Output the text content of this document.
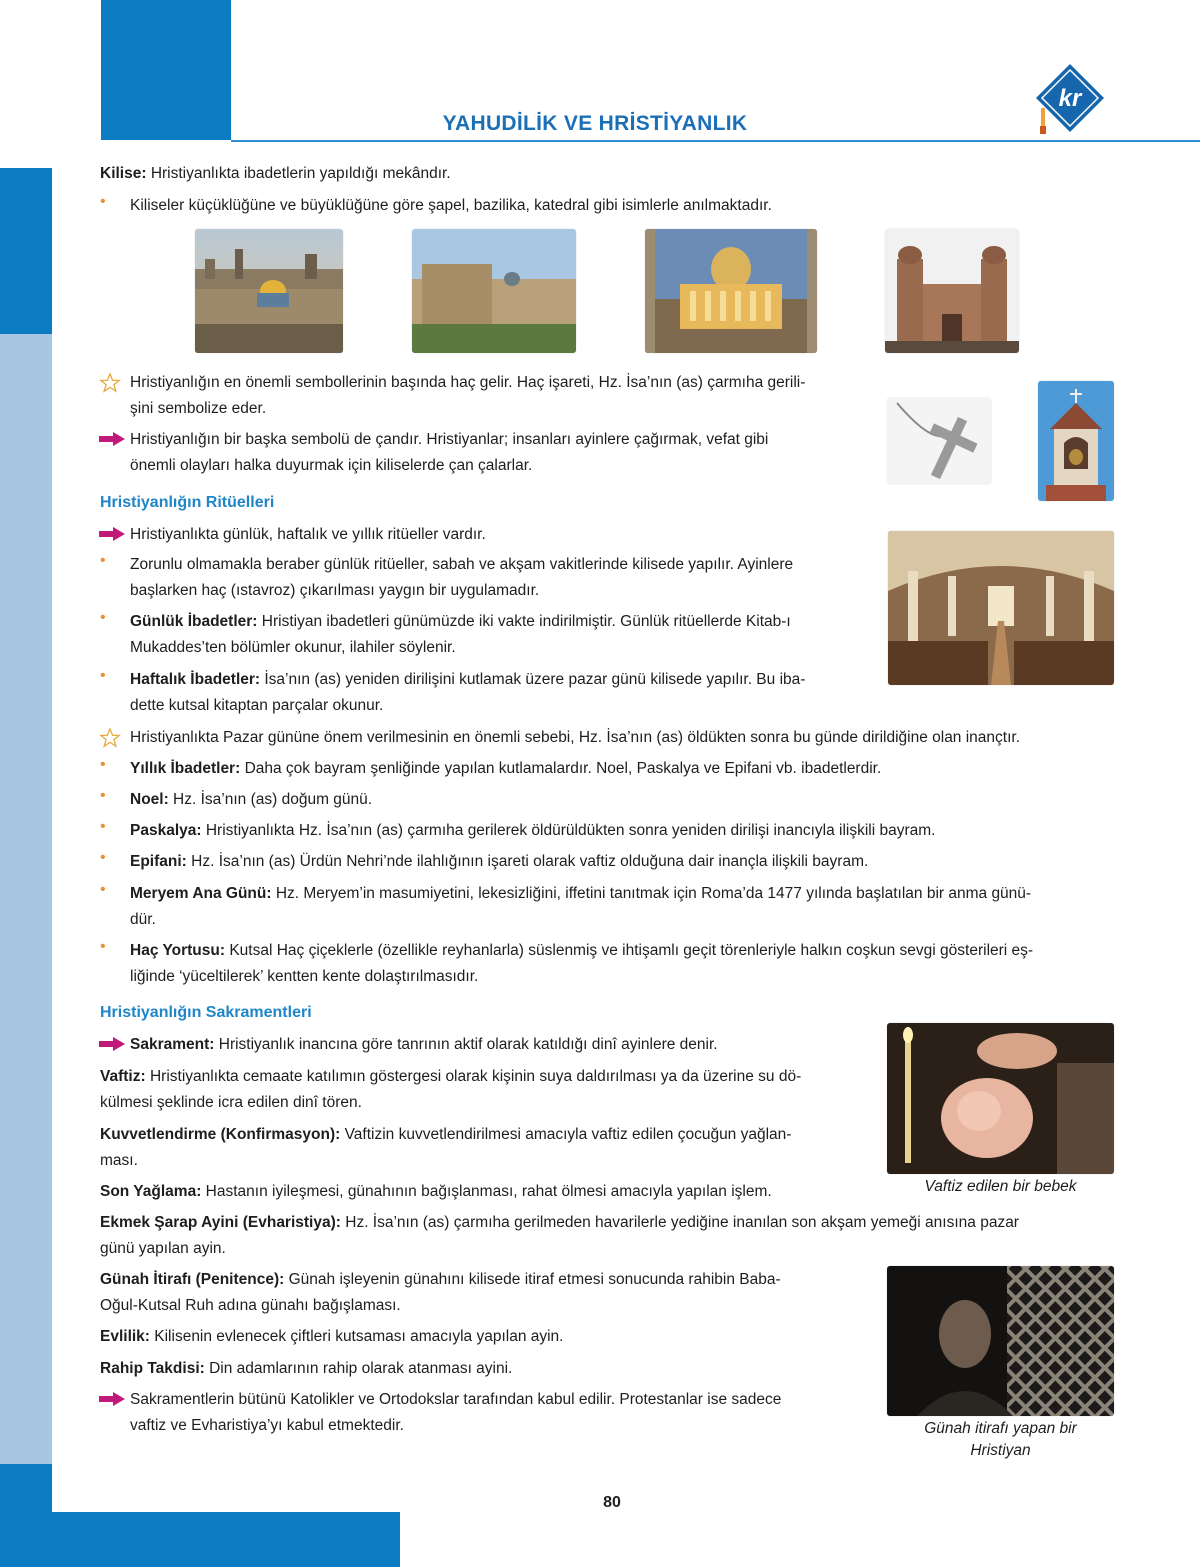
YAHUDİLİK VE HRİSTİYANLIK
kr
Kilise: Hristiyanlıkta ibadetlerin yapıldığı mekândır.
•	Kiliseler küçüklüğüne ve büyüklüğüne göre şapel, bazilika, katedral gibi isimlerle anılmaktadır.
Hristiyanlığın en önemli sembollerinin başında haç gelir. Haç işareti, Hz. İsa’nın (as) çarmıha gerili-
şini sembolize eder.
Hristiyanlığın bir başka sembolü de çandır. Hristiyanlar; insanları ayinlere çağırmak, vefat gibi
önemli olayları halka duyurmak için kiliselerde çan çalarlar.
Hristiyanlığın Ritüelleri
Hristiyanlıkta günlük, haftalık ve yıllık ritüeller vardır.
•	Zorunlu olmamakla beraber günlük ritüeller, sabah ve akşam vakitlerinde kilisede yapılır. Ayinlere
başlarken haç (ıstavroz) çıkarılması yaygın bir uygulamadır.
•	Günlük İbadetler: Hristiyan ibadetleri günümüzde iki vakte indirilmiştir. Günlük ritüellerde Kitab-ı
Mukaddes’ten bölümler okunur, ilahiler söylenir.
•	Haftalık İbadetler: İsa’nın (as) yeniden dirilişini kutlamak üzere pazar günü kilisede yapılır. Bu iba-
dette kutsal kitaptan parçalar okunur.
Hristiyanlıkta Pazar gününe önem verilmesinin en önemli sebebi, Hz. İsa’nın (as) öldükten sonra bu günde dirildiğine olan inançtır.
•	Yıllık İbadetler: Daha çok bayram şenliğinde yapılan kutlamalardır. Noel, Paskalya ve Epifani vb. ibadetlerdir.
•	Noel: Hz. İsa’nın (as) doğum günü.
•	Paskalya: Hristiyanlıkta Hz. İsa’nın (as) çarmıha gerilerek öldürüldükten sonra yeniden dirilişi inancıyla ilişkili bayram.
•	Epifani: Hz. İsa’nın (as) Ürdün Nehri’nde ilahlığının işareti olarak vaftiz olduğuna dair inançla ilişkili bayram.
•	Meryem Ana Günü: Hz. Meryem’in masumiyetini, lekesizliğini, iffetini tanıtmak için Roma’da 1477 yılında başlatılan bir anma günü-
dür.
•	Haç Yortusu: Kutsal Haç çiçeklerle (özellikle reyhanlarla) süslenmiş ve ihtişamlı geçit törenleriyle halkın coşkun sevgi gösterileri eş-
liğinde ‘yüceltilerek’ kentten kente dolaştırılmasıdır.
Hristiyanlığın Sakramentleri
Sakrament: Hristiyanlık inancına göre tanrının aktif olarak katıldığı dinî ayinlere denir.
Vaftiz: Hristiyanlıkta cemaate katılımın göstergesi olarak kişinin suya daldırılması ya da üzerine su dö-
külmesi şeklinde icra edilen dinî tören.
Kuvvetlendirme (Konfirmasyon): Vaftizin kuvvetlendirilmesi amacıyla vaftiz edilen çocuğun yağlan-
ması.
Son Yağlama: Hastanın iyileşmesi, günahının bağışlanması, rahat ölmesi amacıyla yapılan işlem.
Ekmek Şarap Ayini (Evharistiya): Hz. İsa’nın (as) çarmıha gerilmeden havarilerle yediğine inanılan son akşam yemeği anısına pazar
günü yapılan ayin.
Günah İtirafı (Penitence): Günah işleyenin günahını kilisede itiraf etmesi sonucunda rahibin Baba-
Oğul-Kutsal Ruh adına günahı bağışlaması.
Evlilik: Kilisenin evlenecek çiftleri kutsaması amacıyla yapılan ayin.
Rahip Takdisi: Din adamlarının rahip olarak atanması ayini.
Sakramentlerin bütünü Katolikler ve Ortodokslar tarafından kabul edilir. Protestanlar ise sadece
vaftiz ve Evharistiya’yı kabul etmektedir.
Vaftiz edilen bir bebek
Günah itirafı yapan bir
Hristiyan
80
